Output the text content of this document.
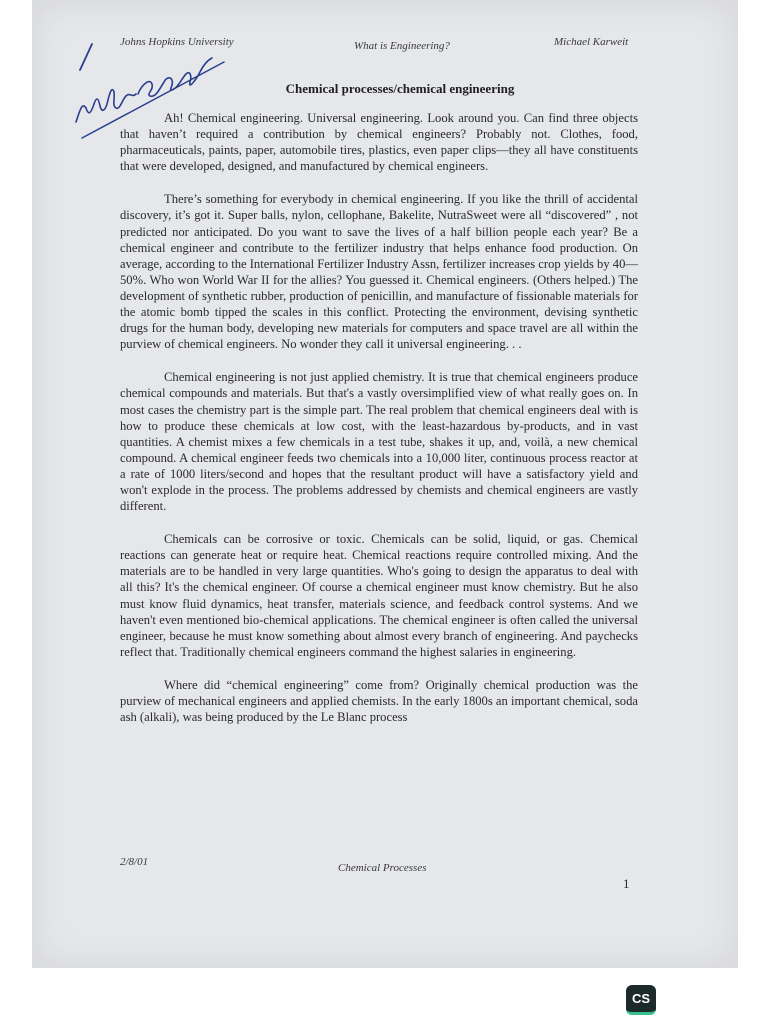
Johns Hopkins University	What is Engineering?	Michael Karweit
Chemical processes/chemical engineering

Ah! Chemical engineering. Universal engineering. Look around you. Can find three objects that haven’t required a contribution by chemical engineers? Probably not. Clothes, food, pharmaceuticals, paints, paper, automobile tires, plastics, even paper clips—they all have constituents that were developed, designed, and manufactured by chemical engineers.

There’s something for everybody in chemical engineering. If you like the thrill of accidental discovery, it’s got it. Super balls, nylon, cellophane, Bakelite, NutraSweet were all “discovered” , not predicted nor anticipated. Do you want to save the lives of a half billion people each year? Be a chemical engineer and contribute to the fertilizer industry that helps enhance food production. On average, according to the International Fertilizer Industry Assn, fertilizer increases crop yields by 40—50%. Who won World War II for the allies? You guessed it. Chemical engineers. (Others helped.) The development of synthetic rubber, production of penicillin, and manufacture of fissionable materials for the atomic bomb tipped the scales in this conflict. Protecting the environment, devising synthetic drugs for the human body, developing new materials for computers and space travel are all within the purview of chemical engineers. No wonder they call it universal engineering. . .

Chemical engineering is not just applied chemistry. It is true that chemical engineers produce chemical compounds and materials. But that's a vastly oversimplified view of what really goes on. In most cases the chemistry part is the simple part. The real problem that chemical engineers deal with is how to produce these chemicals at low cost, with the least-hazardous by-products, and in vast quantities. A chemist mixes a few chemicals in a test tube, shakes it up, and, voilà, a new chemical compound. A chemical engineer feeds two chemicals into a 10,000 liter, continuous process reactor at a rate of 1000 liters/second and hopes that the resultant product will have a satisfactory yield and won't explode in the process. The problems addressed by chemists and chemical engineers are vastly different.

Chemicals can be corrosive or toxic. Chemicals can be solid, liquid, or gas. Chemical reactions can generate heat or require heat. Chemical reactions require controlled mixing. And the materials are to be handled in very large quantities. Who's going to design the apparatus to deal with all this? It's the chemical engineer. Of course a chemical engineer must know chemistry. But he also must know fluid dynamics, heat transfer, materials science, and feedback control systems. And we haven't even mentioned bio-chemical applications. The chemical engineer is often called the universal engineer, because he must know something about almost every branch of engineering. And paychecks reflect that. Traditionally chemical engineers command the highest salaries in engineering.

Where did “chemical engineering” come from? Originally chemical production was the purview of mechanical engineers and applied chemists. In the early 1800s an important chemical, soda ash (alkali), was being produced by the Le Blanc process

2/8/01	Chemical Processes
1
CS
